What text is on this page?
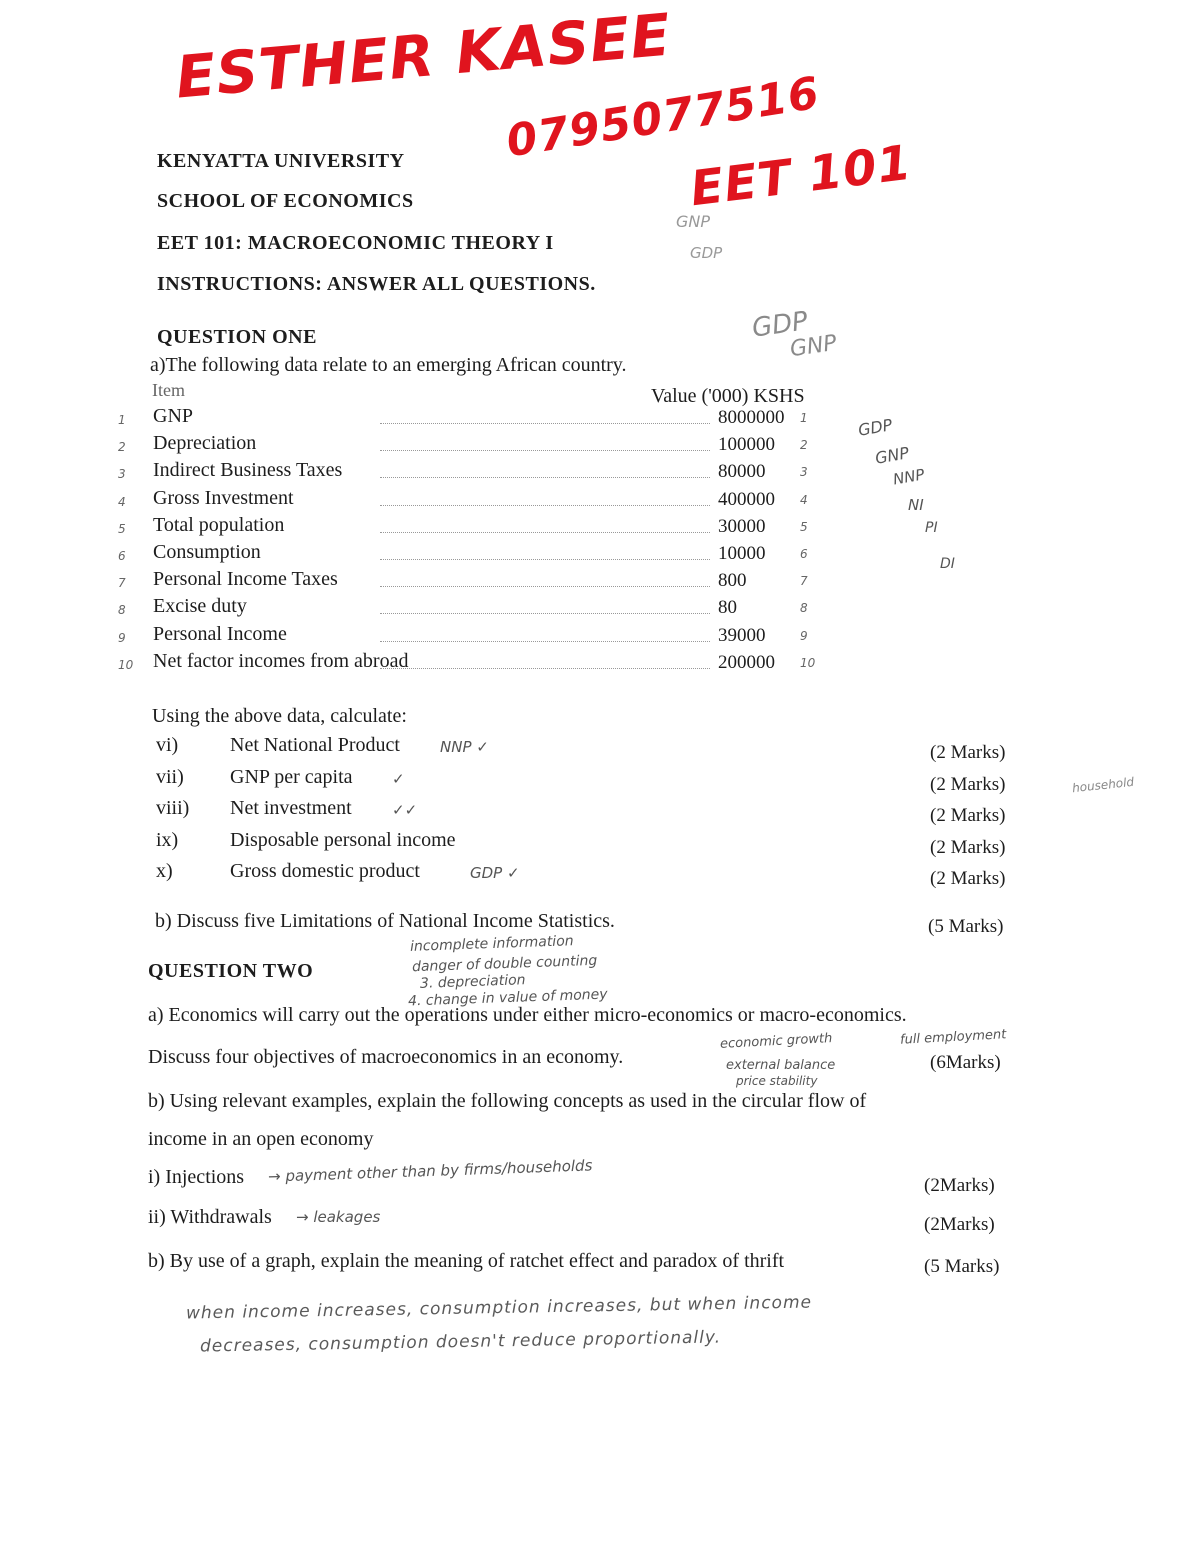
ESTHER KASEE
0795077516
EET 101
KENYATTA UNIVERSITY
SCHOOL OF ECONOMICS
EET 101: MACROECONOMIC THEORY I
INSTRUCTIONS: ANSWER ALL QUESTIONS.
GNP
GDP
GDP
GNP
GDP
GNP
NNP
NI
PI
DI
QUESTION ONE
a)The following data relate to an emerging African country.
Item	Value ('000) KSHS
1 GNP	8000000 1
2 Depreciation	100000 2
3 Indirect Business Taxes	80000	3
4 Gross Investment	400000 4
5 Total population	30000	5
6 Consumption	10000	6
7 Personal Income Taxes	800	7
8 Excise duty	80	8
9 Personal Income	39000	9
10 Net factor incomes from abroad	200000 10
Using the above data, calculate:
vi)	Net National Product	NNP ✓	(2 Marks)
vii) GNP per capita	✓	(2 Marks)
viii) Net investment	✓✓	(2 Marks)
ix)	Disposable personal income	(2 Marks)
x)	Gross domestic product	GDP ✓	(2 Marks)
household
b) Discuss five Limitations of National Income Statistics.	(5 Marks)
incomplete information
danger of double counting
3. depreciation
4. change in value of money
QUESTION TWO
a) Economics will carry out the operations under either micro-economics or macro-economics.
Discuss four objectives of macroeconomics in an economy.	(6Marks)
economic growth	full employment
external balance
price stability
b) Using relevant examples, explain the following concepts as used in the circular flow of
income in an open economy
i) Injections → payment other than by firms/households	(2Marks)
ii) Withdrawals → leakages	(2Marks)
b) By use of a graph, explain the meaning of ratchet effect and paradox of thrift	(5 Marks)
when income increases, consumption increases, but when income
decreases, consumption doesn't reduce proportionally.
